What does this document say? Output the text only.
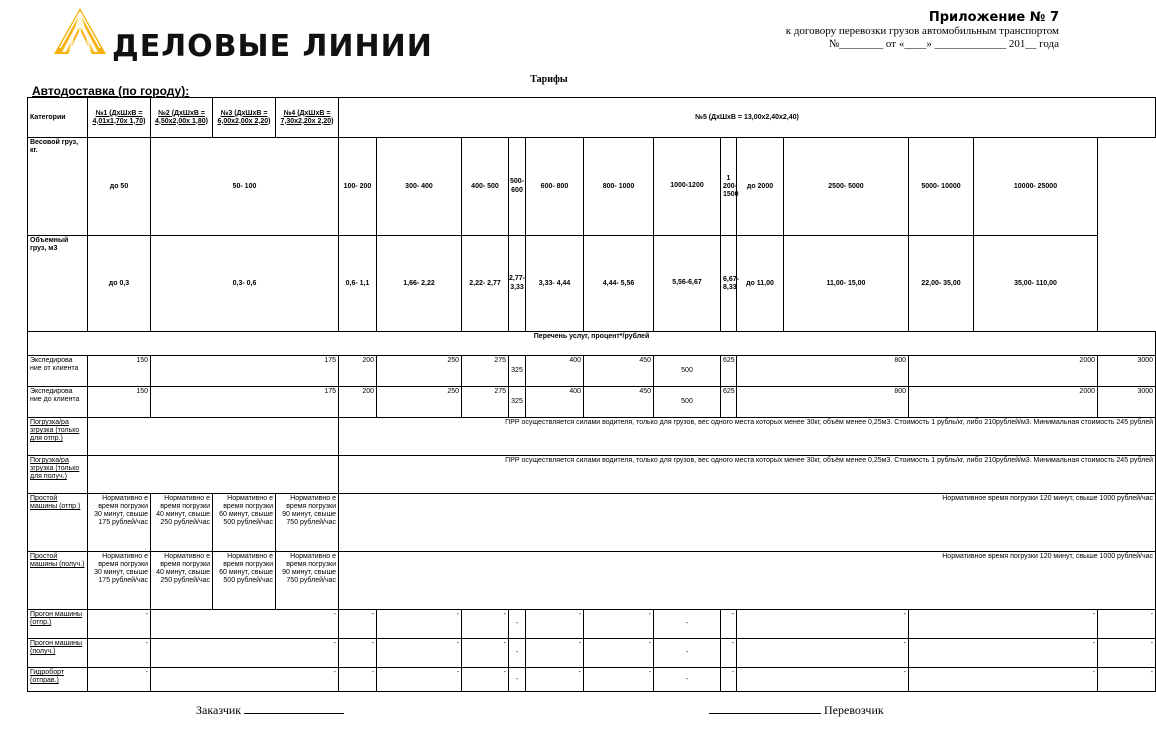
ДЕЛОВЫЕ ЛИНИИ
Приложение № 7
к договору перевозки грузов автомобильным транспортом
№________ от «____» _____________ 201__ года
Тарифы
Автодоставка (по городу):
Категории	№1 (ДхШхВ = 4,01х1,70х 1,70)	№2 (ДхШхВ = 4,50х2,00х 1,80)	№3 (ДхШхВ = 6,00х2,00х 2,20)	№4 (ДхШхВ = 7,30х2,20х 2,20)	№5 (ДхШхВ = 13,00х2,40х2,40)													
Весовой груз, кг.	до 50	50- 100			100- 200	300- 400	400- 500	500-600	600- 800	800- 1000	1000-1200	1 200- 1500	до 2000	2500- 5000	5000- 10000	10000- 25000		
Объемный груз, м3	до 0,3	0,3- 0,6			0,6- 1,1	1,66- 2,22	2,22- 2,77	2,77-3,33	3,33- 4,44	4,44- 5,56	5,56-6,67	6,67- 8,33	до 11,00	11,00- 15,00	22,00- 35,00	35,00- 110,00		
Перечень услуг, процент*/рублей																		
Экспедирова ние от клиента	150	175			200	250	275	325	400	450	500	625	800		2000		3000	
Экспедирова ние до клиента	150	175			200	250	275	325	400	450	500	625	800		2000		3000	
Погрузка/ра згрузка (только для отпр.)					ПРР осуществляется силами водителя, только для грузов, вес одного места которых менее 30кг, объём менее 0,25м3. Стоимость 1 рубль/кг, либо 210рублей/м3. Минимальная стоимость 245 рублей													
Погрузка/ра згрузка (только для получ.)					ПРР осуществляется силами водителя, только для грузов, вес одного места которых менее 30кг, объём менее 0,25м3. Стоимость 1 рубль/кг, либо 210рублей/м3. Минимальная стоимость 245 рублей													
Простой машины (отпр.)	Нормативно е время погрузки 30 минут, свыше 175 рублей/час	Нормативно е время погрузки 40 минут, свыше 250 рублей/час	Нормативно е время погрузки 60 минут, свыше 500 рублей/час	Нормативно е время погрузки 90 минут, свыше 750 рублей/час	Нормативное время погрузки 120 минут, свыше 1000 рублей/час													
Простой машины (получ.)	Нормативно е время погрузки 30 минут, свыше 175 рублей/час	Нормативно е время погрузки 40 минут, свыше 250 рублей/час	Нормативно е время погрузки 60 минут, свыше 500 рублей/час	Нормативно е время погрузки 90 минут, свыше 750 рублей/час	Нормативное время погрузки 120 минут, свыше 1000 рублей/час													
Прогон машины (отпр.)	-	-			-	-	-	-	-	-	-	-	-		-		-	
Прогон машины (получ.)	-	-			-	-	-	-	-	-	-	-	-		-		-	
Гидроборт (отправ.)	-	-			-	-	-	-	-	-	-	-	-		-		-	
Заказчик	Перевозчик
